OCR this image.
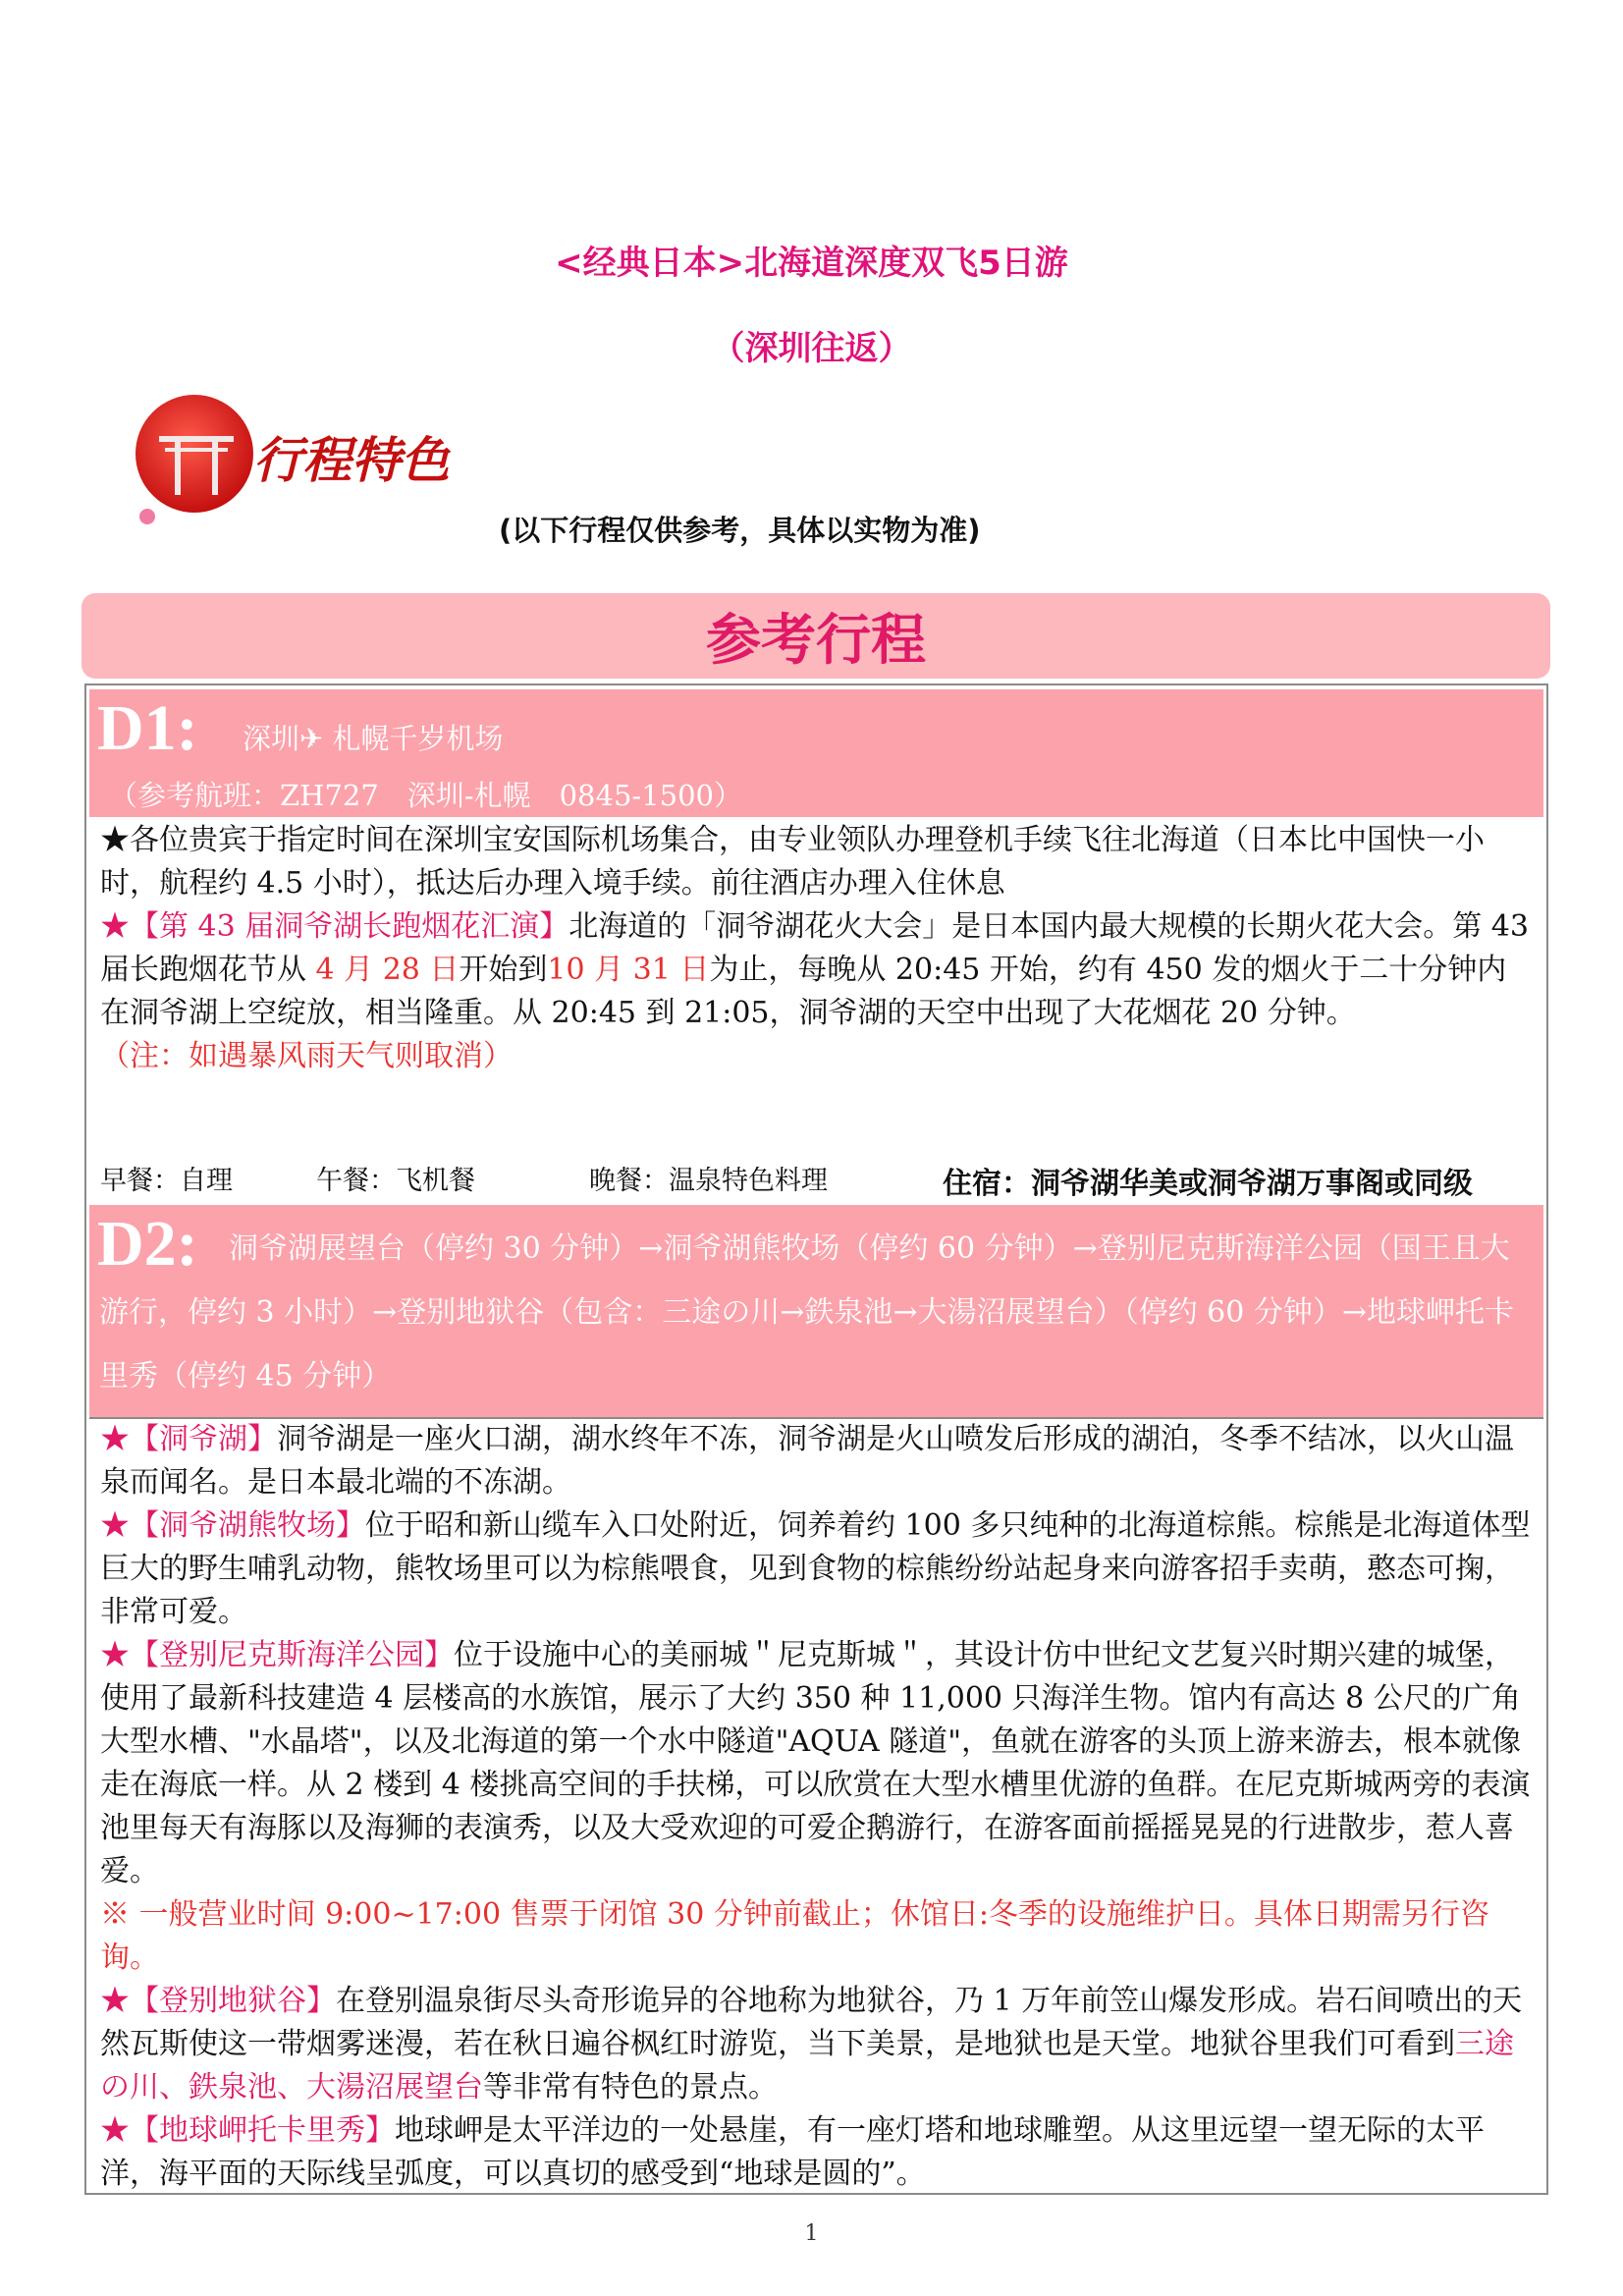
<经典日本>北海道深度双飞5日游
（深圳往返）
行程特色
(以下行程仅供参考，具体以实物为准)
参考行程
D1: 深圳✈ 札幌千岁机场
（参考航班：ZH727　深圳-札幌　0845-1500）

★各位贵宾于指定时间在深圳宝安国际机场集合，由专业领队办理登机手续飞往北海道（日本比中国快一小时，航程约 4.5 小时），抵达后办理入境手续。前往酒店办理入住休息

★【第 43 届洞爷湖长跑烟花汇演】北海道的「洞爷湖花火大会」是日本国内最大规模的长期火花大会。第 43 届长跑烟花节从 4 月 28 日开始到10 月 31 日为止，每晚从 20:45 开始，约有 450 发的烟火于二十分钟内在洞爷湖上空绽放，相当隆重。从 20:45 到 21:05，洞爷湖的天空中出现了大花烟花 20 分钟。

（注：如遇暴风雨天气则取消）

早餐：自理	午餐：飞机餐	晚餐：温泉特色料理	住宿：洞爷湖华美或洞爷湖万事阁或同级
D2:	洞爷湖展望台（停约 30 分钟）→洞爷湖熊牧场（停约 60 分钟）→登别尼克斯海洋公园（国王且大游行，停约 3 小时）→登别地狱谷（包含：三途の川→鉄泉池→大湯沼展望台）（停约 60 分钟）→地球岬托卡里秀（停约 45 分钟）

★【洞爷湖】洞爷湖是一座火口湖，湖水终年不冻，洞爷湖是火山喷发后形成的湖泊，冬季不结冰，以火山温泉而闻名。是日本最北端的不冻湖。

★【洞爷湖熊牧场】位于昭和新山缆车入口处附近，饲养着约 100 多只纯种的北海道棕熊。棕熊是北海道体型巨大的野生哺乳动物，熊牧场里可以为棕熊喂食，见到食物的棕熊纷纷站起身来向游客招手卖萌，憨态可掬，非常可爱。

★【登别尼克斯海洋公园】位于设施中心的美丽城＂尼克斯城＂，其设计仿中世纪文艺复兴时期兴建的城堡，使用了最新科技建造 4 层楼高的水族馆，展示了大约 350 种 11,000 只海洋生物。馆内有高达 8 公尺的广角大型水槽、"水晶塔"，以及北海道的第一个水中隧道"AQUA 隧道"，鱼就在游客的头顶上游来游去，根本就像走在海底一样。从 2 楼到 4 楼挑高空间的手扶梯，可以欣赏在大型水槽里优游的鱼群。在尼克斯城两旁的表演池里每天有海豚以及海狮的表演秀，以及大受欢迎的可爱企鹅游行，在游客面前摇摇晃晃的行进散步，惹人喜爱。

※ 一般营业时间 9:00~17:00 售票于闭馆 30 分钟前截止；休馆日:冬季的设施维护日。具体日期需另行咨询。

★【登别地狱谷】在登别温泉街尽头奇形诡异的谷地称为地狱谷，乃 1 万年前笠山爆发形成。岩石间喷出的天然瓦斯使这一带烟雾迷漫，若在秋日遍谷枫红时游览，当下美景，是地狱也是天堂。地狱谷里我们可看到三途の川、鉄泉池、大湯沼展望台等非常有特色的景点。

★【地球岬托卡里秀】地球岬是太平洋边的一处悬崖，有一座灯塔和地球雕塑。从这里远望一望无际的太平洋，海平面的天际线呈弧度，可以真切的感受到“地球是圆的”。

1
